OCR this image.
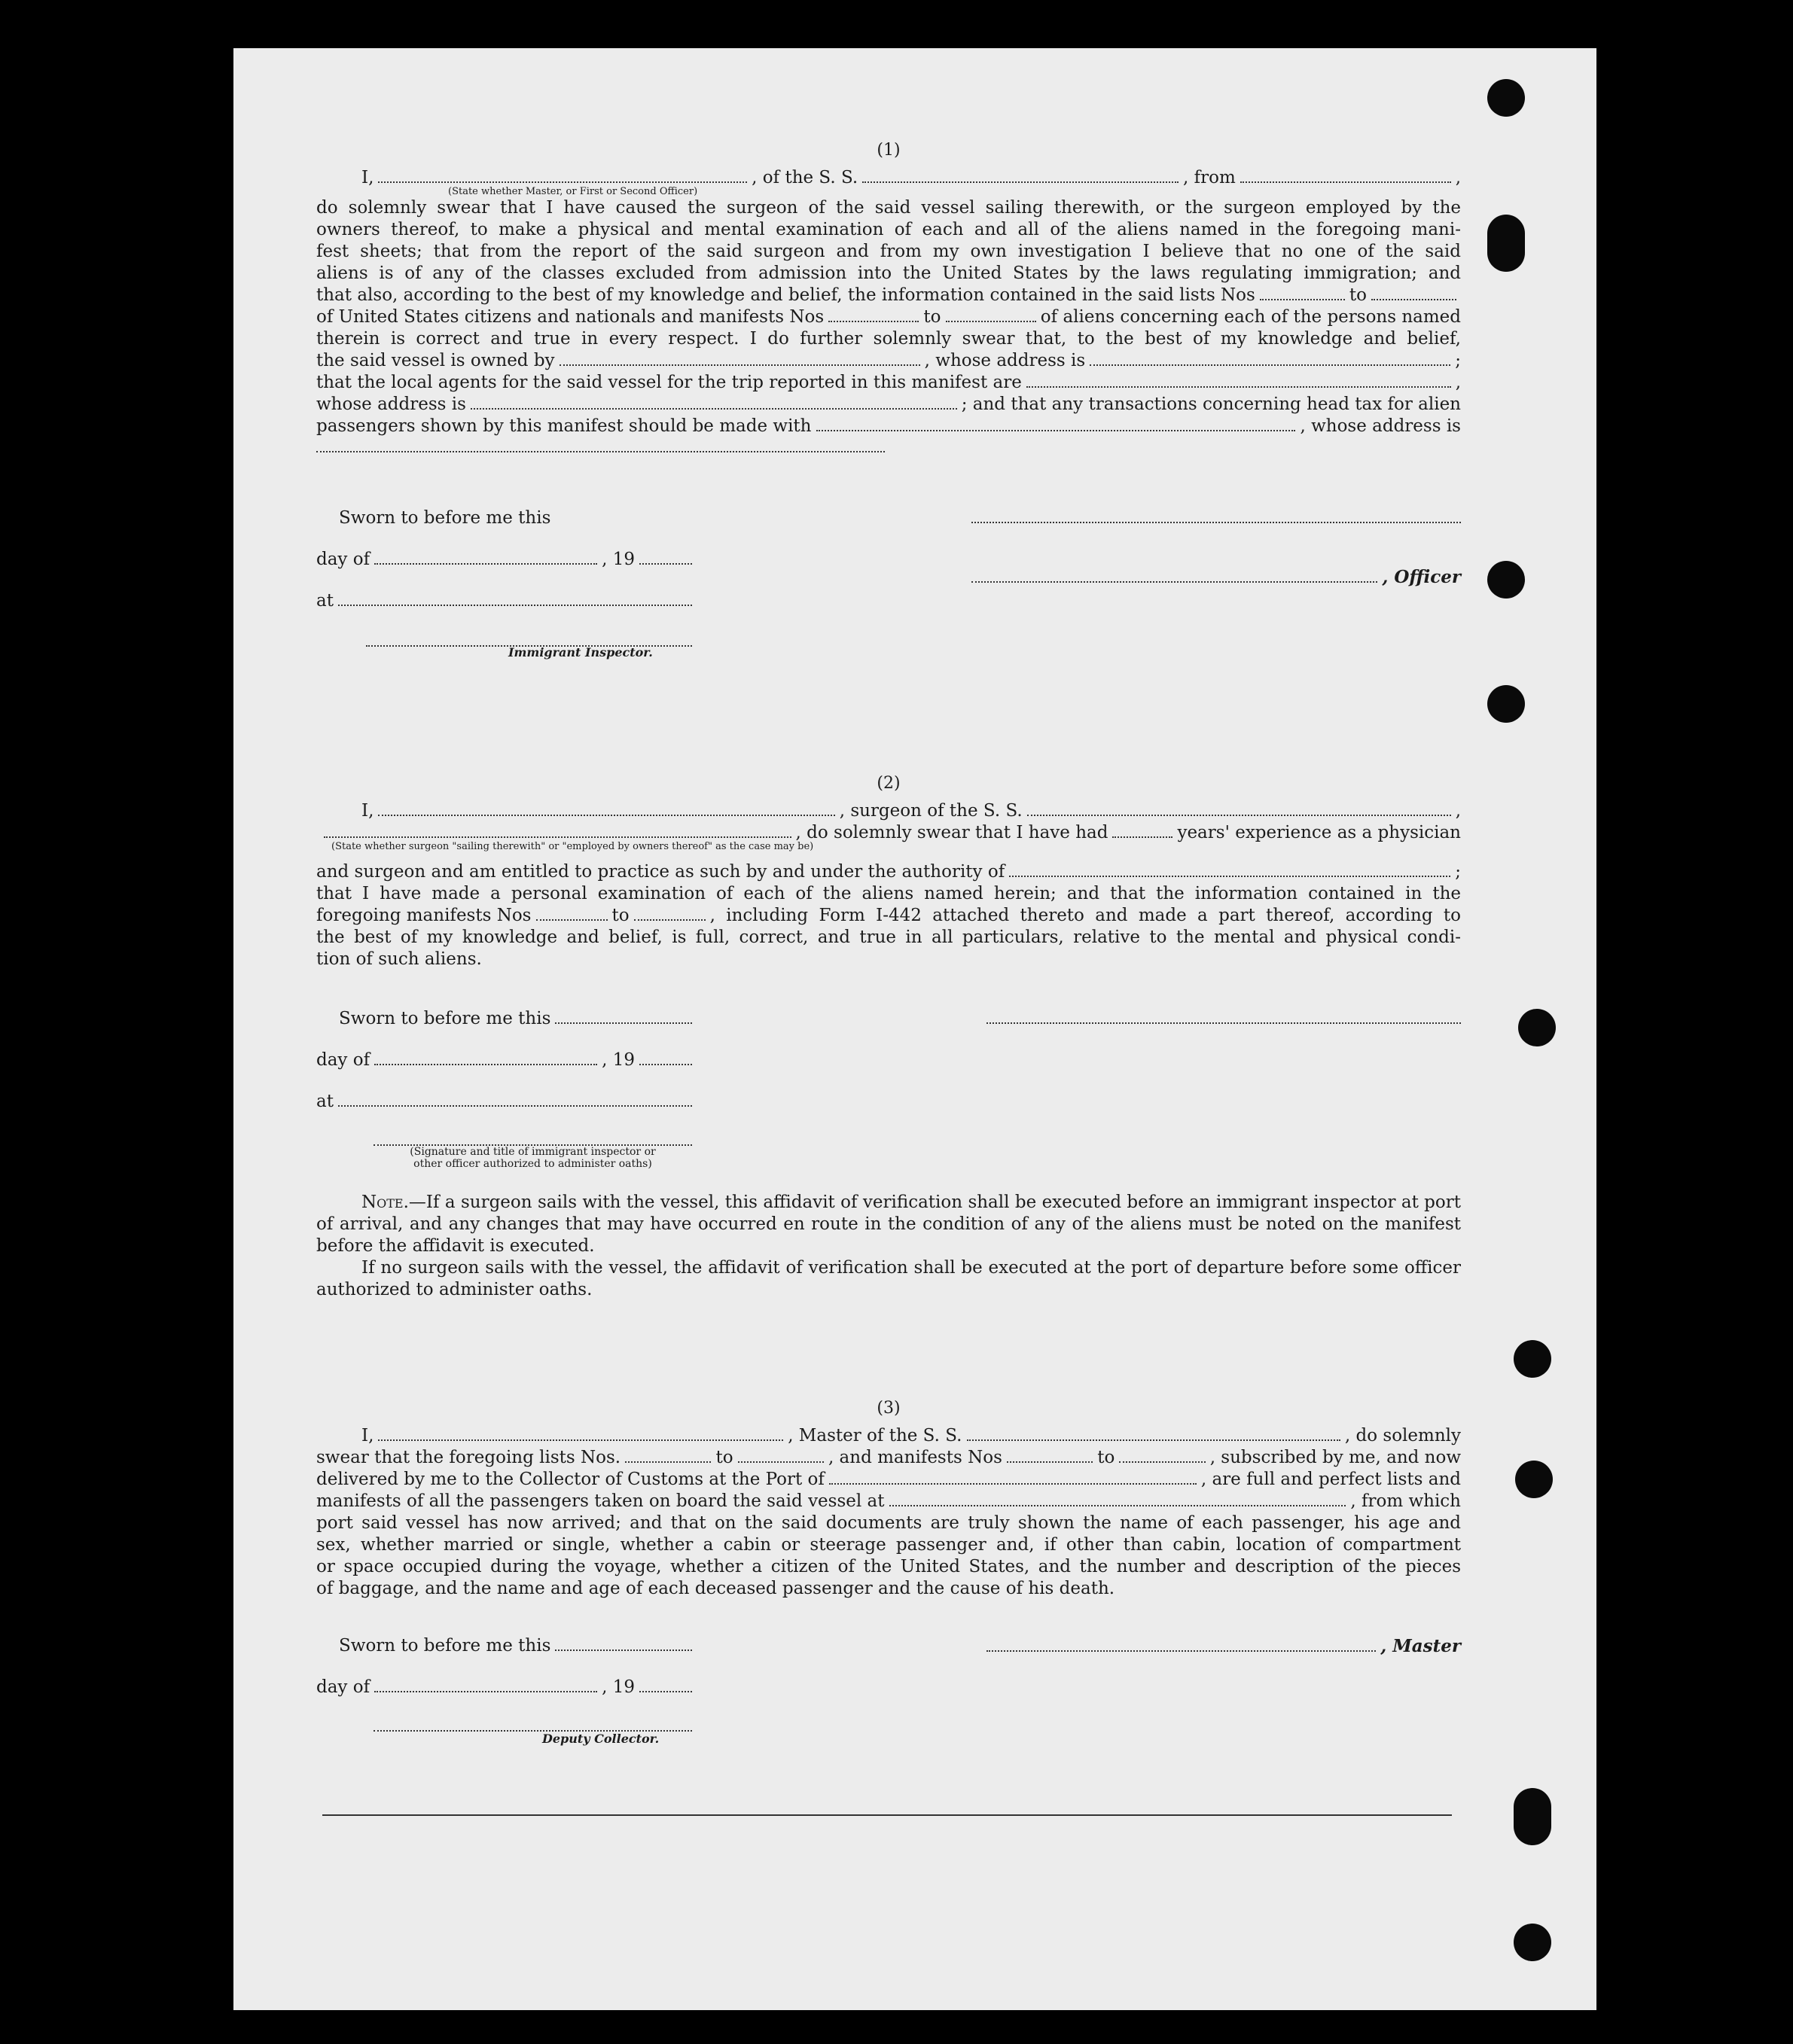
(1)
I,	, of the S. S.	, from	,
(State whether Master, or First or Second Officer)
do solemnly swear that I have caused the surgeon of the said vessel sailing therewith, or the surgeon employed by the
owners thereof, to make a physical and mental examination of each and all of the aliens named in the foregoing mani-
fest sheets; that from the report of the said surgeon and from my own investigation I believe that no one of the said
aliens is of any of the classes excluded from admission into the United States by the laws regulating immigration; and
that also, according to the best of my knowledge and belief, the information contained in the said lists Nos	to
of United States citizens and nationals and manifests Nos	to	of aliens concerning each of the persons named
therein is correct and true in every respect. I do further solemnly swear that, to the best of my knowledge and belief,
the said vessel is owned by	, whose address is	;
that the local agents for the said vessel for the trip reported in this manifest are	,
whose address is	; and that any transactions concerning head tax for alien
passengers shown by this manifest should be made with	, whose address is
Sworn to before me this
day of	, 19
at
Immigrant Inspector.
, Officer
(2)
I,	, surgeon of the S. S.	,
, do solemnly swear that I have had	years' experience as a physician
(State whether surgeon "sailing therewith" or "employed by owners thereof" as the case may be)
and surgeon and am entitled to practice as such by and under the authority of	;
that I have made a personal examination of each of the aliens named herein; and that the information contained in the
foregoing manifests Nos	to	, including Form I-442 attached thereto and made a part thereof, according to
the best of my knowledge and belief, is full, correct, and true in all particulars, relative to the mental and physical condi-
tion of such aliens.
Sworn to before me this
day of	, 19
at
(Signature and title of immigrant inspector or
other officer authorized to administer oaths)
Note.—If a surgeon sails with the vessel, this affidavit of verification shall be executed before an immigrant inspector at port of arrival, and any changes that may have occurred en route in the condition of any of the aliens must be noted on the manifest before the affidavit is executed.
If no surgeon sails with the vessel, the affidavit of verification shall be executed at the port of departure before some officer authorized to administer oaths.
(3)
I,	, Master of the S. S.	, do solemnly
swear that the foregoing lists Nos.	to	, and manifests Nos	to	, subscribed by me, and now
delivered by me to the Collector of Customs at the Port of	, are full and perfect lists and
manifests of all the passengers taken on board the said vessel at	, from which
port said vessel has now arrived; and that on the said documents are truly shown the name of each passenger, his age and
sex, whether married or single, whether a cabin or steerage passenger and, if other than cabin, location of compartment
or space occupied during the voyage, whether a citizen of the United States, and the number and description of the pieces
of baggage, and the name and age of each deceased passenger and the cause of his death.
Sworn to before me this
day of	, 19
Deputy Collector.
, Master
